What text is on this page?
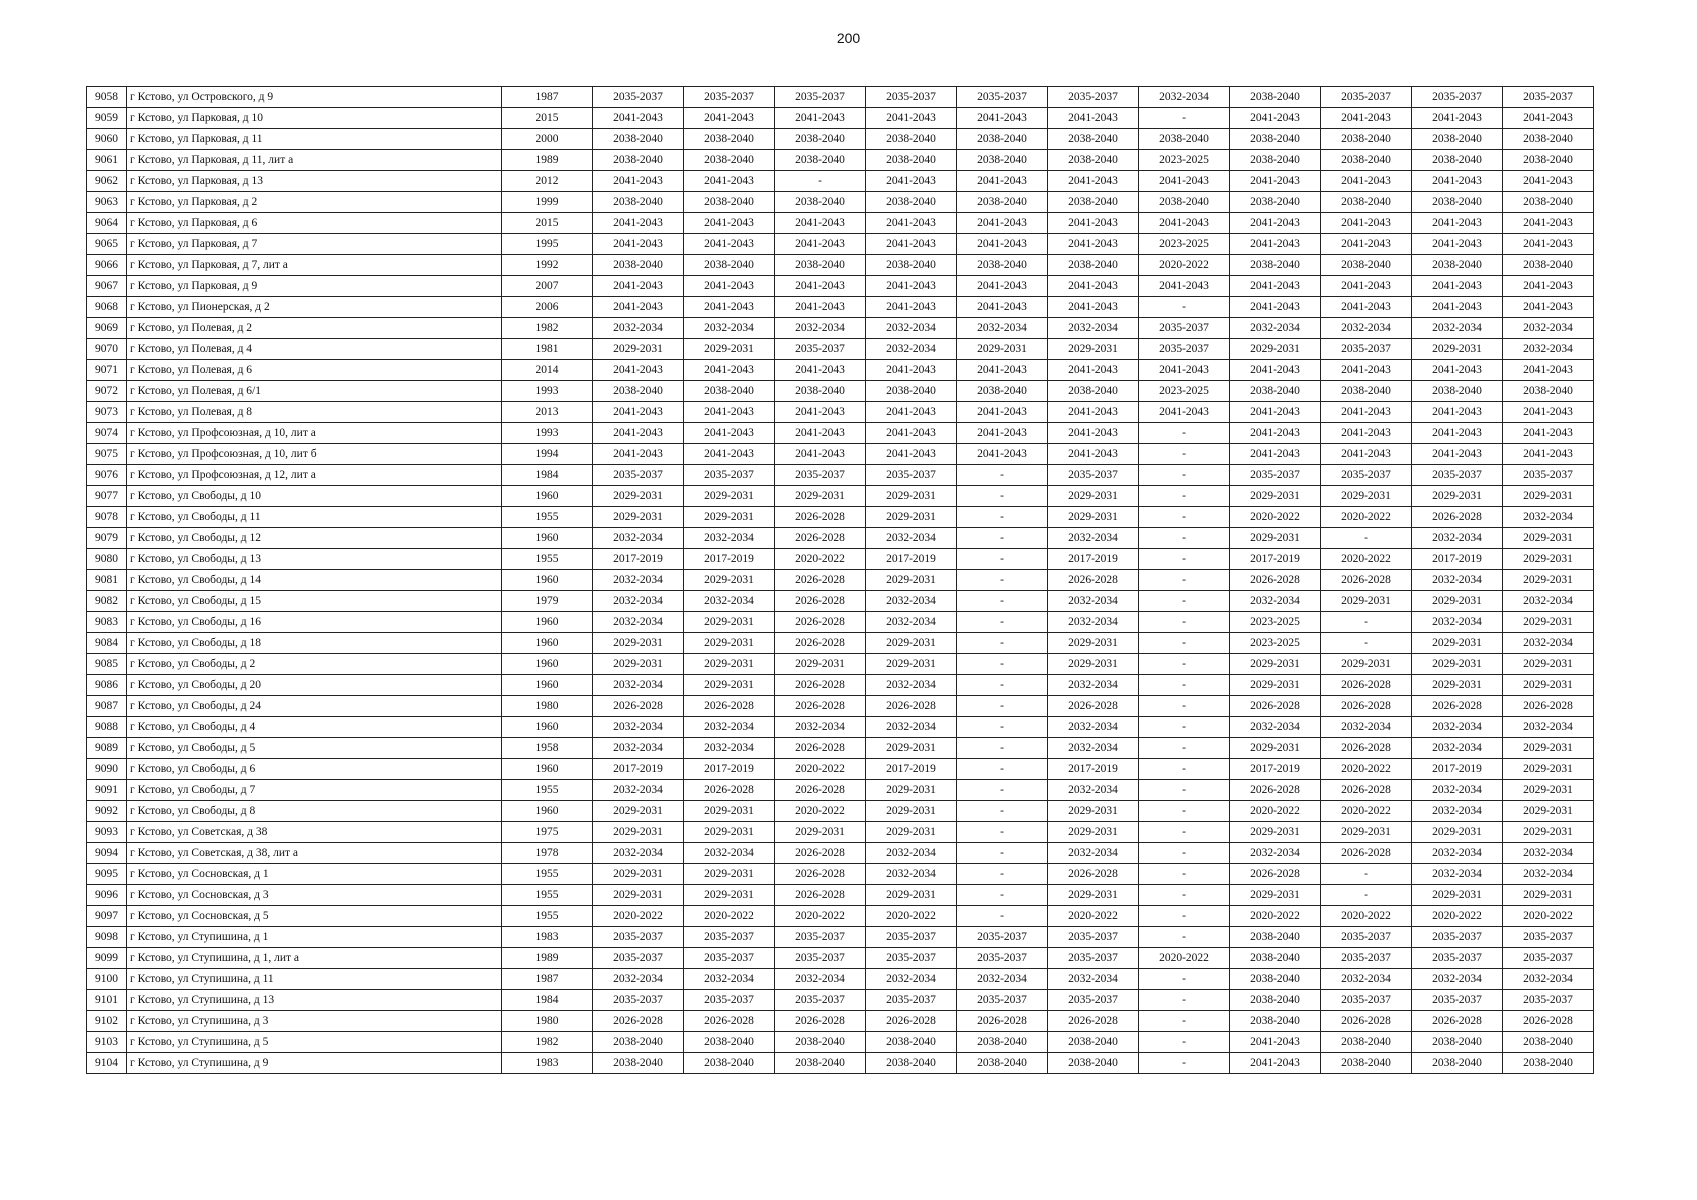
200
9058	г Кстово, ул Островского, д 9	1987	2035-2037	2035-2037	2035-2037	2035-2037	2035-2037	2035-2037	2032-2034	2038-2040	2035-2037	2035-2037	2035-2037
9059	г Кстово, ул Парковая, д 10	2015	2041-2043	2041-2043	2041-2043	2041-2043	2041-2043	2041-2043	-	2041-2043	2041-2043	2041-2043	2041-2043
9060	г Кстово, ул Парковая, д 11	2000	2038-2040	2038-2040	2038-2040	2038-2040	2038-2040	2038-2040	2038-2040	2038-2040	2038-2040	2038-2040	2038-2040
9061	г Кстово, ул Парковая, д 11, лит а	1989	2038-2040	2038-2040	2038-2040	2038-2040	2038-2040	2038-2040	2023-2025	2038-2040	2038-2040	2038-2040	2038-2040
9062	г Кстово, ул Парковая, д 13	2012	2041-2043	2041-2043	-	2041-2043	2041-2043	2041-2043	2041-2043	2041-2043	2041-2043	2041-2043	2041-2043
9063	г Кстово, ул Парковая, д 2	1999	2038-2040	2038-2040	2038-2040	2038-2040	2038-2040	2038-2040	2038-2040	2038-2040	2038-2040	2038-2040	2038-2040
9064	г Кстово, ул Парковая, д 6	2015	2041-2043	2041-2043	2041-2043	2041-2043	2041-2043	2041-2043	2041-2043	2041-2043	2041-2043	2041-2043	2041-2043
9065	г Кстово, ул Парковая, д 7	1995	2041-2043	2041-2043	2041-2043	2041-2043	2041-2043	2041-2043	2023-2025	2041-2043	2041-2043	2041-2043	2041-2043
9066	г Кстово, ул Парковая, д 7, лит а	1992	2038-2040	2038-2040	2038-2040	2038-2040	2038-2040	2038-2040	2020-2022	2038-2040	2038-2040	2038-2040	2038-2040
9067	г Кстово, ул Парковая, д 9	2007	2041-2043	2041-2043	2041-2043	2041-2043	2041-2043	2041-2043	2041-2043	2041-2043	2041-2043	2041-2043	2041-2043
9068	г Кстово, ул Пионерская, д 2	2006	2041-2043	2041-2043	2041-2043	2041-2043	2041-2043	2041-2043	-	2041-2043	2041-2043	2041-2043	2041-2043
9069	г Кстово, ул Полевая, д 2	1982	2032-2034	2032-2034	2032-2034	2032-2034	2032-2034	2032-2034	2035-2037	2032-2034	2032-2034	2032-2034	2032-2034
9070	г Кстово, ул Полевая, д 4	1981	2029-2031	2029-2031	2035-2037	2032-2034	2029-2031	2029-2031	2035-2037	2029-2031	2035-2037	2029-2031	2032-2034
9071	г Кстово, ул Полевая, д 6	2014	2041-2043	2041-2043	2041-2043	2041-2043	2041-2043	2041-2043	2041-2043	2041-2043	2041-2043	2041-2043	2041-2043
9072	г Кстово, ул Полевая, д 6/1	1993	2038-2040	2038-2040	2038-2040	2038-2040	2038-2040	2038-2040	2023-2025	2038-2040	2038-2040	2038-2040	2038-2040
9073	г Кстово, ул Полевая, д 8	2013	2041-2043	2041-2043	2041-2043	2041-2043	2041-2043	2041-2043	2041-2043	2041-2043	2041-2043	2041-2043	2041-2043
9074	г Кстово, ул Профсоюзная, д 10, лит а	1993	2041-2043	2041-2043	2041-2043	2041-2043	2041-2043	2041-2043	-	2041-2043	2041-2043	2041-2043	2041-2043
9075	г Кстово, ул Профсоюзная, д 10, лит б	1994	2041-2043	2041-2043	2041-2043	2041-2043	2041-2043	2041-2043	-	2041-2043	2041-2043	2041-2043	2041-2043
9076	г Кстово, ул Профсоюзная, д 12, лит а	1984	2035-2037	2035-2037	2035-2037	2035-2037	-	2035-2037	-	2035-2037	2035-2037	2035-2037	2035-2037
9077	г Кстово, ул Свободы, д 10	1960	2029-2031	2029-2031	2029-2031	2029-2031	-	2029-2031	-	2029-2031	2029-2031	2029-2031	2029-2031
9078	г Кстово, ул Свободы, д 11	1955	2029-2031	2029-2031	2026-2028	2029-2031	-	2029-2031	-	2020-2022	2020-2022	2026-2028	2032-2034
9079	г Кстово, ул Свободы, д 12	1960	2032-2034	2032-2034	2026-2028	2032-2034	-	2032-2034	-	2029-2031	-	2032-2034	2029-2031
9080	г Кстово, ул Свободы, д 13	1955	2017-2019	2017-2019	2020-2022	2017-2019	-	2017-2019	-	2017-2019	2020-2022	2017-2019	2029-2031
9081	г Кстово, ул Свободы, д 14	1960	2032-2034	2029-2031	2026-2028	2029-2031	-	2026-2028	-	2026-2028	2026-2028	2032-2034	2029-2031
9082	г Кстово, ул Свободы, д 15	1979	2032-2034	2032-2034	2026-2028	2032-2034	-	2032-2034	-	2032-2034	2029-2031	2029-2031	2032-2034
9083	г Кстово, ул Свободы, д 16	1960	2032-2034	2029-2031	2026-2028	2032-2034	-	2032-2034	-	2023-2025	-	2032-2034	2029-2031
9084	г Кстово, ул Свободы, д 18	1960	2029-2031	2029-2031	2026-2028	2029-2031	-	2029-2031	-	2023-2025	-	2029-2031	2032-2034
9085	г Кстово, ул Свободы, д 2	1960	2029-2031	2029-2031	2029-2031	2029-2031	-	2029-2031	-	2029-2031	2029-2031	2029-2031	2029-2031
9086	г Кстово, ул Свободы, д 20	1960	2032-2034	2029-2031	2026-2028	2032-2034	-	2032-2034	-	2029-2031	2026-2028	2029-2031	2029-2031
9087	г Кстово, ул Свободы, д 24	1980	2026-2028	2026-2028	2026-2028	2026-2028	-	2026-2028	-	2026-2028	2026-2028	2026-2028	2026-2028
9088	г Кстово, ул Свободы, д 4	1960	2032-2034	2032-2034	2032-2034	2032-2034	-	2032-2034	-	2032-2034	2032-2034	2032-2034	2032-2034
9089	г Кстово, ул Свободы, д 5	1958	2032-2034	2032-2034	2026-2028	2029-2031	-	2032-2034	-	2029-2031	2026-2028	2032-2034	2029-2031
9090	г Кстово, ул Свободы, д 6	1960	2017-2019	2017-2019	2020-2022	2017-2019	-	2017-2019	-	2017-2019	2020-2022	2017-2019	2029-2031
9091	г Кстово, ул Свободы, д 7	1955	2032-2034	2026-2028	2026-2028	2029-2031	-	2032-2034	-	2026-2028	2026-2028	2032-2034	2029-2031
9092	г Кстово, ул Свободы, д 8	1960	2029-2031	2029-2031	2020-2022	2029-2031	-	2029-2031	-	2020-2022	2020-2022	2032-2034	2029-2031
9093	г Кстово, ул Советская, д 38	1975	2029-2031	2029-2031	2029-2031	2029-2031	-	2029-2031	-	2029-2031	2029-2031	2029-2031	2029-2031
9094	г Кстово, ул Советская, д 38, лит а	1978	2032-2034	2032-2034	2026-2028	2032-2034	-	2032-2034	-	2032-2034	2026-2028	2032-2034	2032-2034
9095	г Кстово, ул Сосновская, д 1	1955	2029-2031	2029-2031	2026-2028	2032-2034	-	2026-2028	-	2026-2028	-	2032-2034	2032-2034
9096	г Кстово, ул Сосновская, д 3	1955	2029-2031	2029-2031	2026-2028	2029-2031	-	2029-2031	-	2029-2031	-	2029-2031	2029-2031
9097	г Кстово, ул Сосновская, д 5	1955	2020-2022	2020-2022	2020-2022	2020-2022	-	2020-2022	-	2020-2022	2020-2022	2020-2022	2020-2022
9098	г Кстово, ул Ступишина, д 1	1983	2035-2037	2035-2037	2035-2037	2035-2037	2035-2037	2035-2037	-	2038-2040	2035-2037	2035-2037	2035-2037
9099	г Кстово, ул Ступишина, д 1, лит а	1989	2035-2037	2035-2037	2035-2037	2035-2037	2035-2037	2035-2037	2020-2022	2038-2040	2035-2037	2035-2037	2035-2037
9100	г Кстово, ул Ступишина, д 11	1987	2032-2034	2032-2034	2032-2034	2032-2034	2032-2034	2032-2034	-	2038-2040	2032-2034	2032-2034	2032-2034
9101	г Кстово, ул Ступишина, д 13	1984	2035-2037	2035-2037	2035-2037	2035-2037	2035-2037	2035-2037	-	2038-2040	2035-2037	2035-2037	2035-2037
9102	г Кстово, ул Ступишина, д 3	1980	2026-2028	2026-2028	2026-2028	2026-2028	2026-2028	2026-2028	-	2038-2040	2026-2028	2026-2028	2026-2028
9103	г Кстово, ул Ступишина, д 5	1982	2038-2040	2038-2040	2038-2040	2038-2040	2038-2040	2038-2040	-	2041-2043	2038-2040	2038-2040	2038-2040
9104	г Кстово, ул Ступишина, д 9	1983	2038-2040	2038-2040	2038-2040	2038-2040	2038-2040	2038-2040	-	2041-2043	2038-2040	2038-2040	2038-2040
